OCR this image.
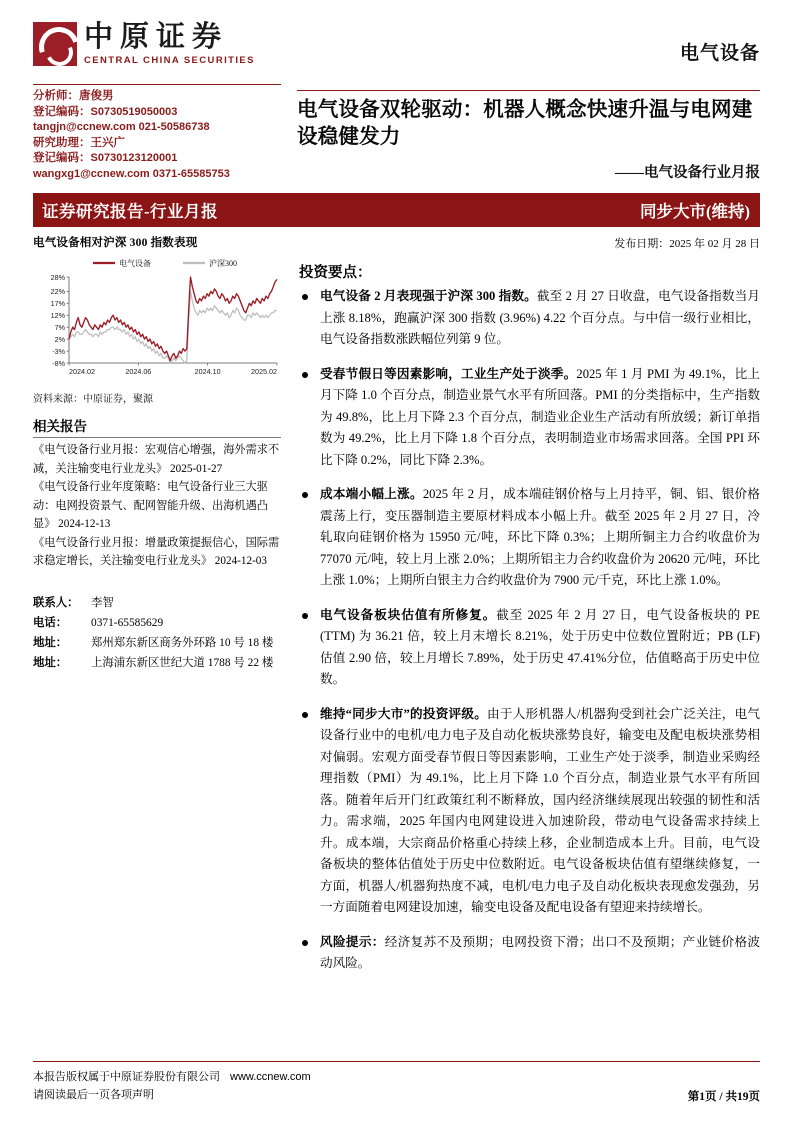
中原证券
CENTRAL CHINA SECURITIES	电气设备
分析师：唐俊男
登记编码：S0730519050003
tangjn@ccnew.com 021-50586738
研究助理：王兴广
登记编码：S0730123120001
wangxg1@ccnew.com 0371-65585753
电气设备双轮驱动：机器人概念快速升温与电网建设稳健发力
——电气设备行业月报
证券研究报告-行业月报	同步大市(维持)
电气设备相对沪深 300 指数表现
28%
22%
17%
12%
7%
2%
-3%
-8%
2024.02	2024.06	2024.10	2025.02
电气设备	沪深300
资料来源：中原证券，聚源
相关报告
《电气设备行业月报：宏观信心增强，海外需求不减，关注输变电行业龙头》 2025-01-27
《电气设备行业年度策略：电气设备行业三大驱动：电网投资景气、配网智能升级、出海机遇凸显》 2024-12-13
《电气设备行业月报：增量政策提振信心，国际需求稳定增长，关注输变电行业龙头》 2024-12-03
联系人： 李智
电话： 0371-65585629
地址： 郑州郑东新区商务外环路 10 号 18 楼
地址： 上海浦东新区世纪大道 1788 号 22 楼
发布日期：2025 年 02 月 28 日
投资要点：
电气设备 2 月表现强于沪深 300 指数。截至 2 月 27 日收盘，电气设备指数当月上涨 8.18%，跑赢沪深 300 指数 (3.96%) 4.22 个百分点。与中信一级行业相比，电气设备指数涨跌幅位列第 9 位。
受春节假日等因素影响，工业生产处于淡季。2025 年 1 月 PMI 为 49.1%，比上月下降 1.0 个百分点，制造业景气水平有所回落。PMI 的分类指标中，生产指数为 49.8%，比上月下降 2.3 个百分点，制造业企业生产活动有所放缓；新订单指数为 49.2%，比上月下降 1.8 个百分点，表明制造业市场需求回落。全国 PPI 环比下降 0.2%，同比下降 2.3%。
成本端小幅上涨。2025 年 2 月，成本端硅钢价格与上月持平，铜、铝、银价格震荡上行，变压器制造主要原材料成本小幅上升。截至 2025 年 2 月 27 日，冷轧取向硅钢价格为 15950 元/吨，环比下降 0.3%；上期所铜主力合约收盘价为 77070 元/吨，较上月上涨 2.0%；上期所铝主力合约收盘价为 20620 元/吨，环比上涨 1.0%；上期所白银主力合约收盘价为 7900 元/千克，环比上涨 1.0%。
电气设备板块估值有所修复。截至 2025 年 2 月 27 日，电气设备板块的 PE (TTM) 为 36.21 倍，较上月末增长 8.21%，处于历史中位数位置附近；PB (LF) 估值 2.90 倍，较上月增长 7.89%，处于历史 47.41%分位，估值略高于历史中位数。
维持“同步大市”的投资评级。由于人形机器人/机器狗受到社会广泛关注，电气设备行业中的电机/电力电子及自动化板块涨势良好，输变电及配电板块涨势相对偏弱。宏观方面受春节假日等因素影响，工业生产处于淡季，制造业采购经理指数（PMI）为 49.1%，比上月下降 1.0 个百分点，制造业景气水平有所回落。随着年后开门红政策红利不断释放，国内经济继续展现出较强的韧性和活力。需求端，2025 年国内电网建设进入加速阶段，带动电气设备需求持续上升。成本端，大宗商品价格重心持续上移，企业制造成本上升。目前，电气设备板块的整体估值处于历史中位数附近。电气设备板块估值有望继续修复，一方面，机器人/机器狗热度不减，电机/电力电子及自动化板块表现愈发强劲，另一方面随着电网建设加速，输变电设备及配电设备有望迎来持续增长。
风险提示：经济复苏不及预期；电网投资下滑；出口不及预期；产业链价格波动风险。
本报告版权属于中原证券股份有限公司 www.ccnew.com
请阅读最后一页各项声明	第1页 / 共19页
